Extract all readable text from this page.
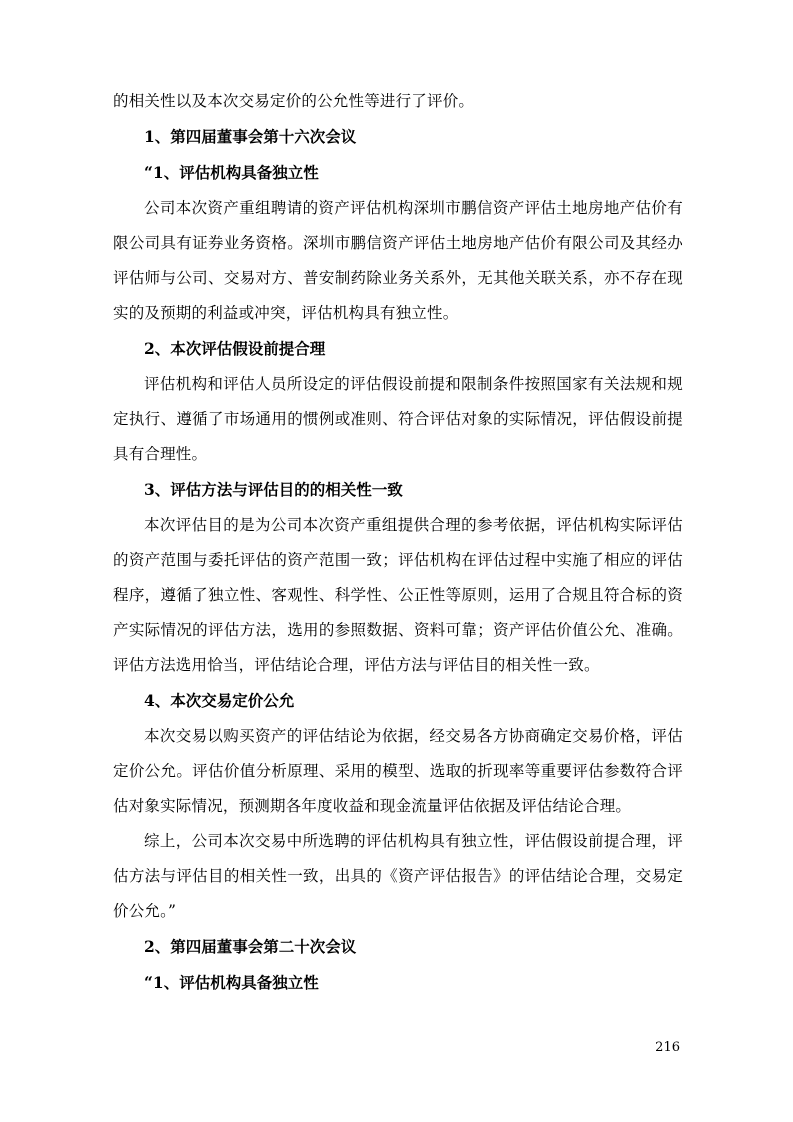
的相关性以及本次交易定价的公允性等进行了评价。

1、第四届董事会第十六次会议

“1、评估机构具备独立性

公司本次资产重组聘请的资产评估机构深圳市鹏信资产评估土地房地产估价有限公司具有证券业务资格。深圳市鹏信资产评估土地房地产估价有限公司及其经办评估师与公司、交易对方、普安制药除业务关系外，无其他关联关系，亦不存在现实的及预期的利益或冲突，评估机构具有独立性。

2、本次评估假设前提合理

评估机构和评估人员所设定的评估假设前提和限制条件按照国家有关法规和规定执行、遵循了市场通用的惯例或准则、符合评估对象的实际情况，评估假设前提具有合理性。

3、评估方法与评估目的的相关性一致

本次评估目的是为公司本次资产重组提供合理的参考依据，评估机构实际评估的资产范围与委托评估的资产范围一致；评估机构在评估过程中实施了相应的评估程序，遵循了独立性、客观性、科学性、公正性等原则，运用了合规且符合标的资产实际情况的评估方法，选用的参照数据、资料可靠；资产评估价值公允、准确。评估方法选用恰当，评估结论合理，评估方法与评估目的相关性一致。

4、本次交易定价公允

本次交易以购买资产的评估结论为依据，经交易各方协商确定交易价格，评估定价公允。评估价值分析原理、采用的模型、选取的折现率等重要评估参数符合评估对象实际情况，预测期各年度收益和现金流量评估依据及评估结论合理。

综上，公司本次交易中所选聘的评估机构具有独立性，评估假设前提合理，评估方法与评估目的相关性一致，出具的《资产评估报告》的评估结论合理，交易定价公允。”

2、第四届董事会第二十次会议

“1、评估机构具备独立性

216
